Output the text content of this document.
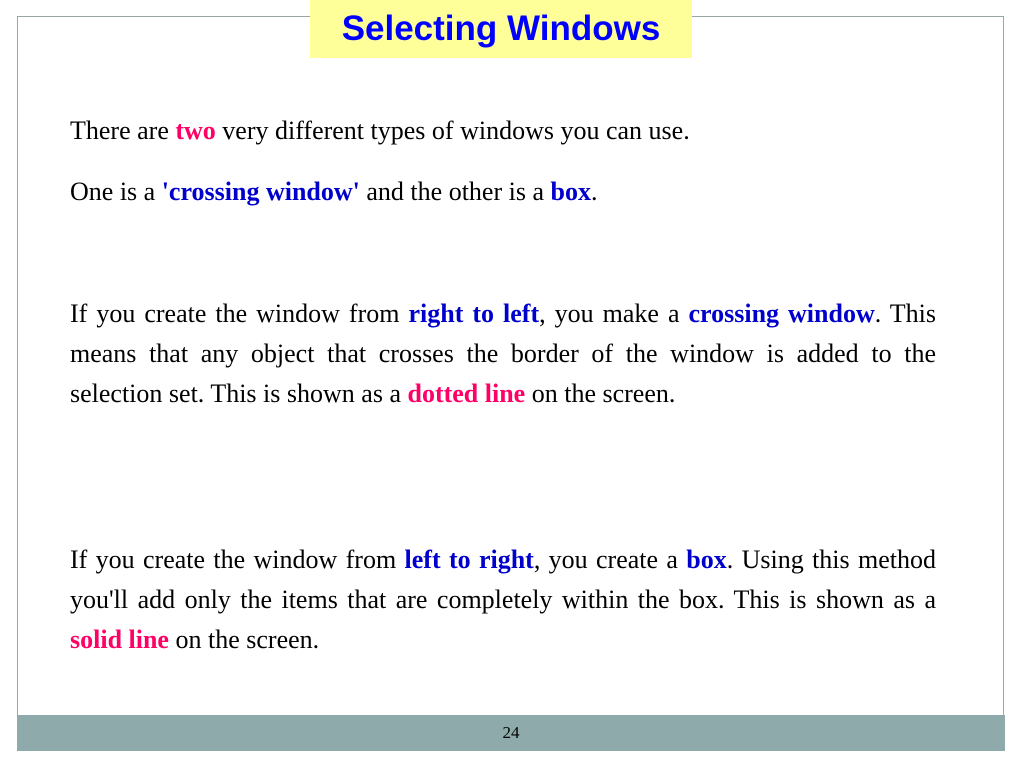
Selecting Windows

There are two very different types of windows you can use.

One is a 'crossing window' and the other is a box.

If you create the window from right to left, you make a crossing window. This means that any object that crosses the border of the window is added to the selection set. This is shown as a dotted line on the screen.

If you create the window from left to right, you create a box. Using this method you'll add only the items that are completely within the box. This is shown as a solid line on the screen.

24
